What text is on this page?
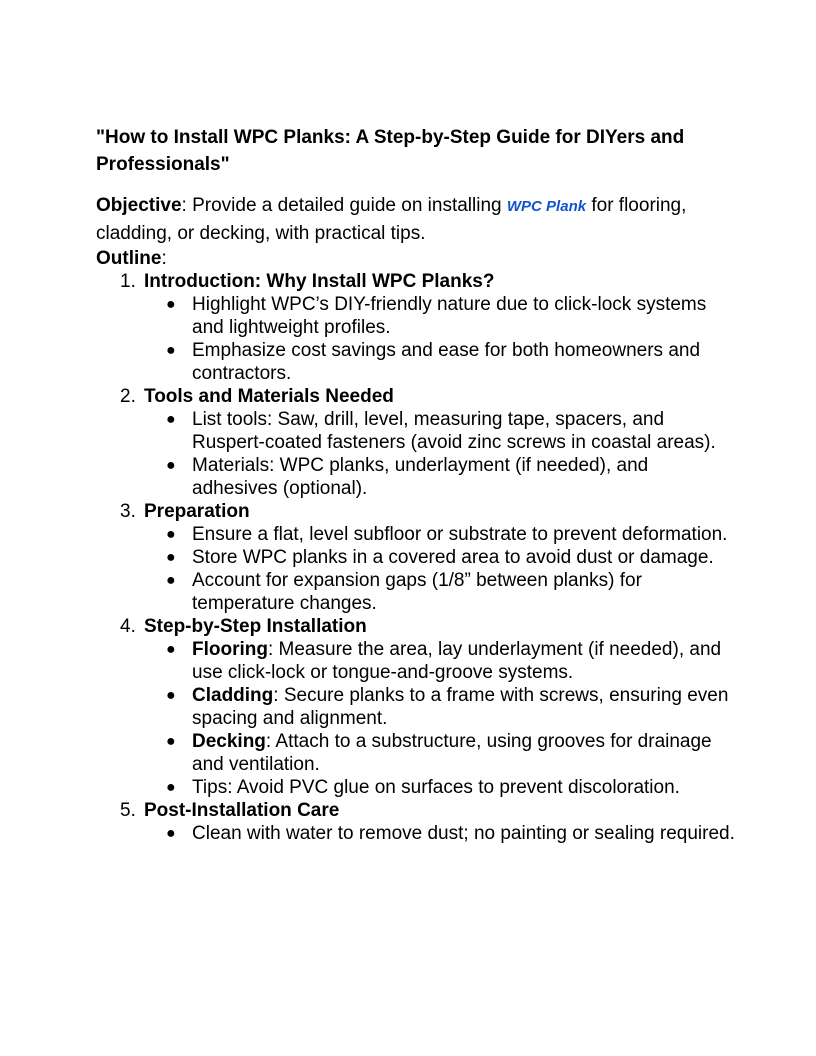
"How to Install WPC Planks: A Step-by-Step Guide for DIYers and Professionals"

Objective: Provide a detailed guide on installing WPC Plank for flooring, cladding, or decking, with practical tips.

Outline:

1. Introduction: Why Install WPC Planks?
● Highlight WPC’s DIY-friendly nature due to click-lock systems and lightweight profiles.
● Emphasize cost savings and ease for both homeowners and contractors.
2. Tools and Materials Needed
● List tools: Saw, drill, level, measuring tape, spacers, and Ruspert-coated fasteners (avoid zinc screws in coastal areas).
● Materials: WPC planks, underlayment (if needed), and adhesives (optional).
3. Preparation
● Ensure a flat, level subfloor or substrate to prevent deformation.
● Store WPC planks in a covered area to avoid dust or damage.
● Account for expansion gaps (1/8” between planks) for temperature changes.
4. Step-by-Step Installation
● Flooring: Measure the area, lay underlayment (if needed), and use click-lock or tongue-and-groove systems.
● Cladding: Secure planks to a frame with screws, ensuring even spacing and alignment.
● Decking: Attach to a substructure, using grooves for drainage and ventilation.
● Tips: Avoid PVC glue on surfaces to prevent discoloration.
5. Post-Installation Care
● Clean with water to remove dust; no painting or sealing required.
